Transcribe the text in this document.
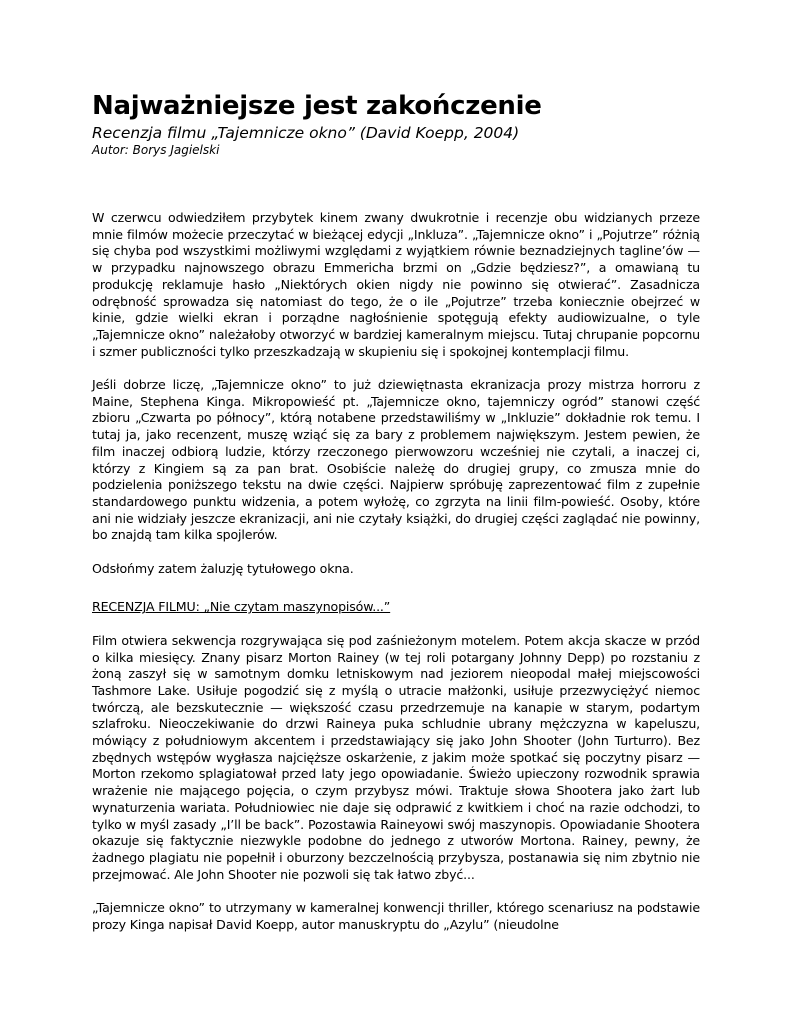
Najważniejsze jest zakończenie

Recenzja filmu „Tajemnicze okno” (David Koepp, 2004)

Autor: Borys Jagielski

W czerwcu odwiedziłem przybytek kinem zwany dwukrotnie i recenzje obu widzianych przeze mnie filmów możecie przeczytać w bieżącej edycji „Inkluza”. „Tajemnicze okno” i „Pojutrze” różnią się chyba pod wszystkimi możliwymi względami z wyjątkiem równie beznadziejnych tagline’ów — w przypadku najnowszego obrazu Emmericha brzmi on „Gdzie będziesz?”, a omawianą tu produkcję reklamuje hasło „Niektórych okien nigdy nie powinno się otwierać”. Zasadnicza odrębność sprowadza się natomiast do tego, że o ile „Pojutrze” trzeba koniecznie obejrzeć w kinie, gdzie wielki ekran i porządne nagłośnienie spotęgują efekty audiowizualne, o tyle „Tajemnicze okno” należałoby otworzyć w bardziej kameralnym miejscu. Tutaj chrupanie popcornu i szmer publiczności tylko przeszkadzają w skupieniu się i spokojnej kontemplacji filmu.

Jeśli dobrze liczę, „Tajemnicze okno” to już dziewiętnasta ekranizacja prozy mistrza horroru z Maine, Stephena Kinga. Mikropowieść pt. „Tajemnicze okno, tajemniczy ogród” stanowi część zbioru „Czwarta po północy”, którą notabene przedstawiliśmy w „Inkluzie” dokładnie rok temu. I tutaj ja, jako recenzent, muszę wziąć się za bary z problemem największym. Jestem pewien, że film inaczej odbiorą ludzie, którzy rzeczonego pierwowzoru wcześniej nie czytali, a inaczej ci, którzy z Kingiem są za pan brat. Osobiście należę do drugiej grupy, co zmusza mnie do podzielenia poniższego tekstu na dwie części. Najpierw spróbuję zaprezentować film z zupełnie standardowego punktu widzenia, a potem wyłożę, co zgrzyta na linii film-powieść. Osoby, które ani nie widziały jeszcze ekranizacji, ani nie czytały książki, do drugiej części zaglądać nie powinny, bo znajdą tam kilka spojlerów.

Odsłońmy zatem żaluzję tytułowego okna.

RECENZJA FILMU: „Nie czytam maszynopisów...”

Film otwiera sekwencja rozgrywająca się pod zaśnieżonym motelem. Potem akcja skacze w przód o kilka miesięcy. Znany pisarz Morton Rainey (w tej roli potargany Johnny Depp) po rozstaniu z żoną zaszył się w samotnym domku letniskowym nad jeziorem nieopodal małej miejscowości Tashmore Lake. Usiłuje pogodzić się z myślą o utracie małżonki, usiłuje przezwyciężyć niemoc twórczą, ale bezskutecznie — większość czasu przedrzemuje na kanapie w starym, podartym szlafroku. Nieoczekiwanie do drzwi Raineya puka schludnie ubrany mężczyzna w kapeluszu, mówiący z południowym akcentem i przedstawiający się jako John Shooter (John Turturro). Bez zbędnych wstępów wygłasza najcięższe oskarżenie, z jakim może spotkać się poczytny pisarz — Morton rzekomo splagiatował przed laty jego opowiadanie. Świeżo upieczony rozwodnik sprawia wrażenie nie mającego pojęcia, o czym przybysz mówi. Traktuje słowa Shootera jako żart lub wynaturzenia wariata. Południowiec nie daje się odprawić z kwitkiem i choć na razie odchodzi, to tylko w myśl zasady „I’ll be back”. Pozostawia Raineyowi swój maszynopis. Opowiadanie Shootera okazuje się faktycznie niezwykle podobne do jednego z utworów Mortona. Rainey, pewny, że żadnego plagiatu nie popełnił i oburzony bezczelnością przybysza, postanawia się nim zbytnio nie przejmować. Ale John Shooter nie pozwoli się tak łatwo zbyć...

„Tajemnicze okno” to utrzymany w kameralnej konwencji thriller, którego scenariusz na podstawie prozy Kinga napisał David Koepp, autor manuskryptu do „Azylu” (nieudolne
